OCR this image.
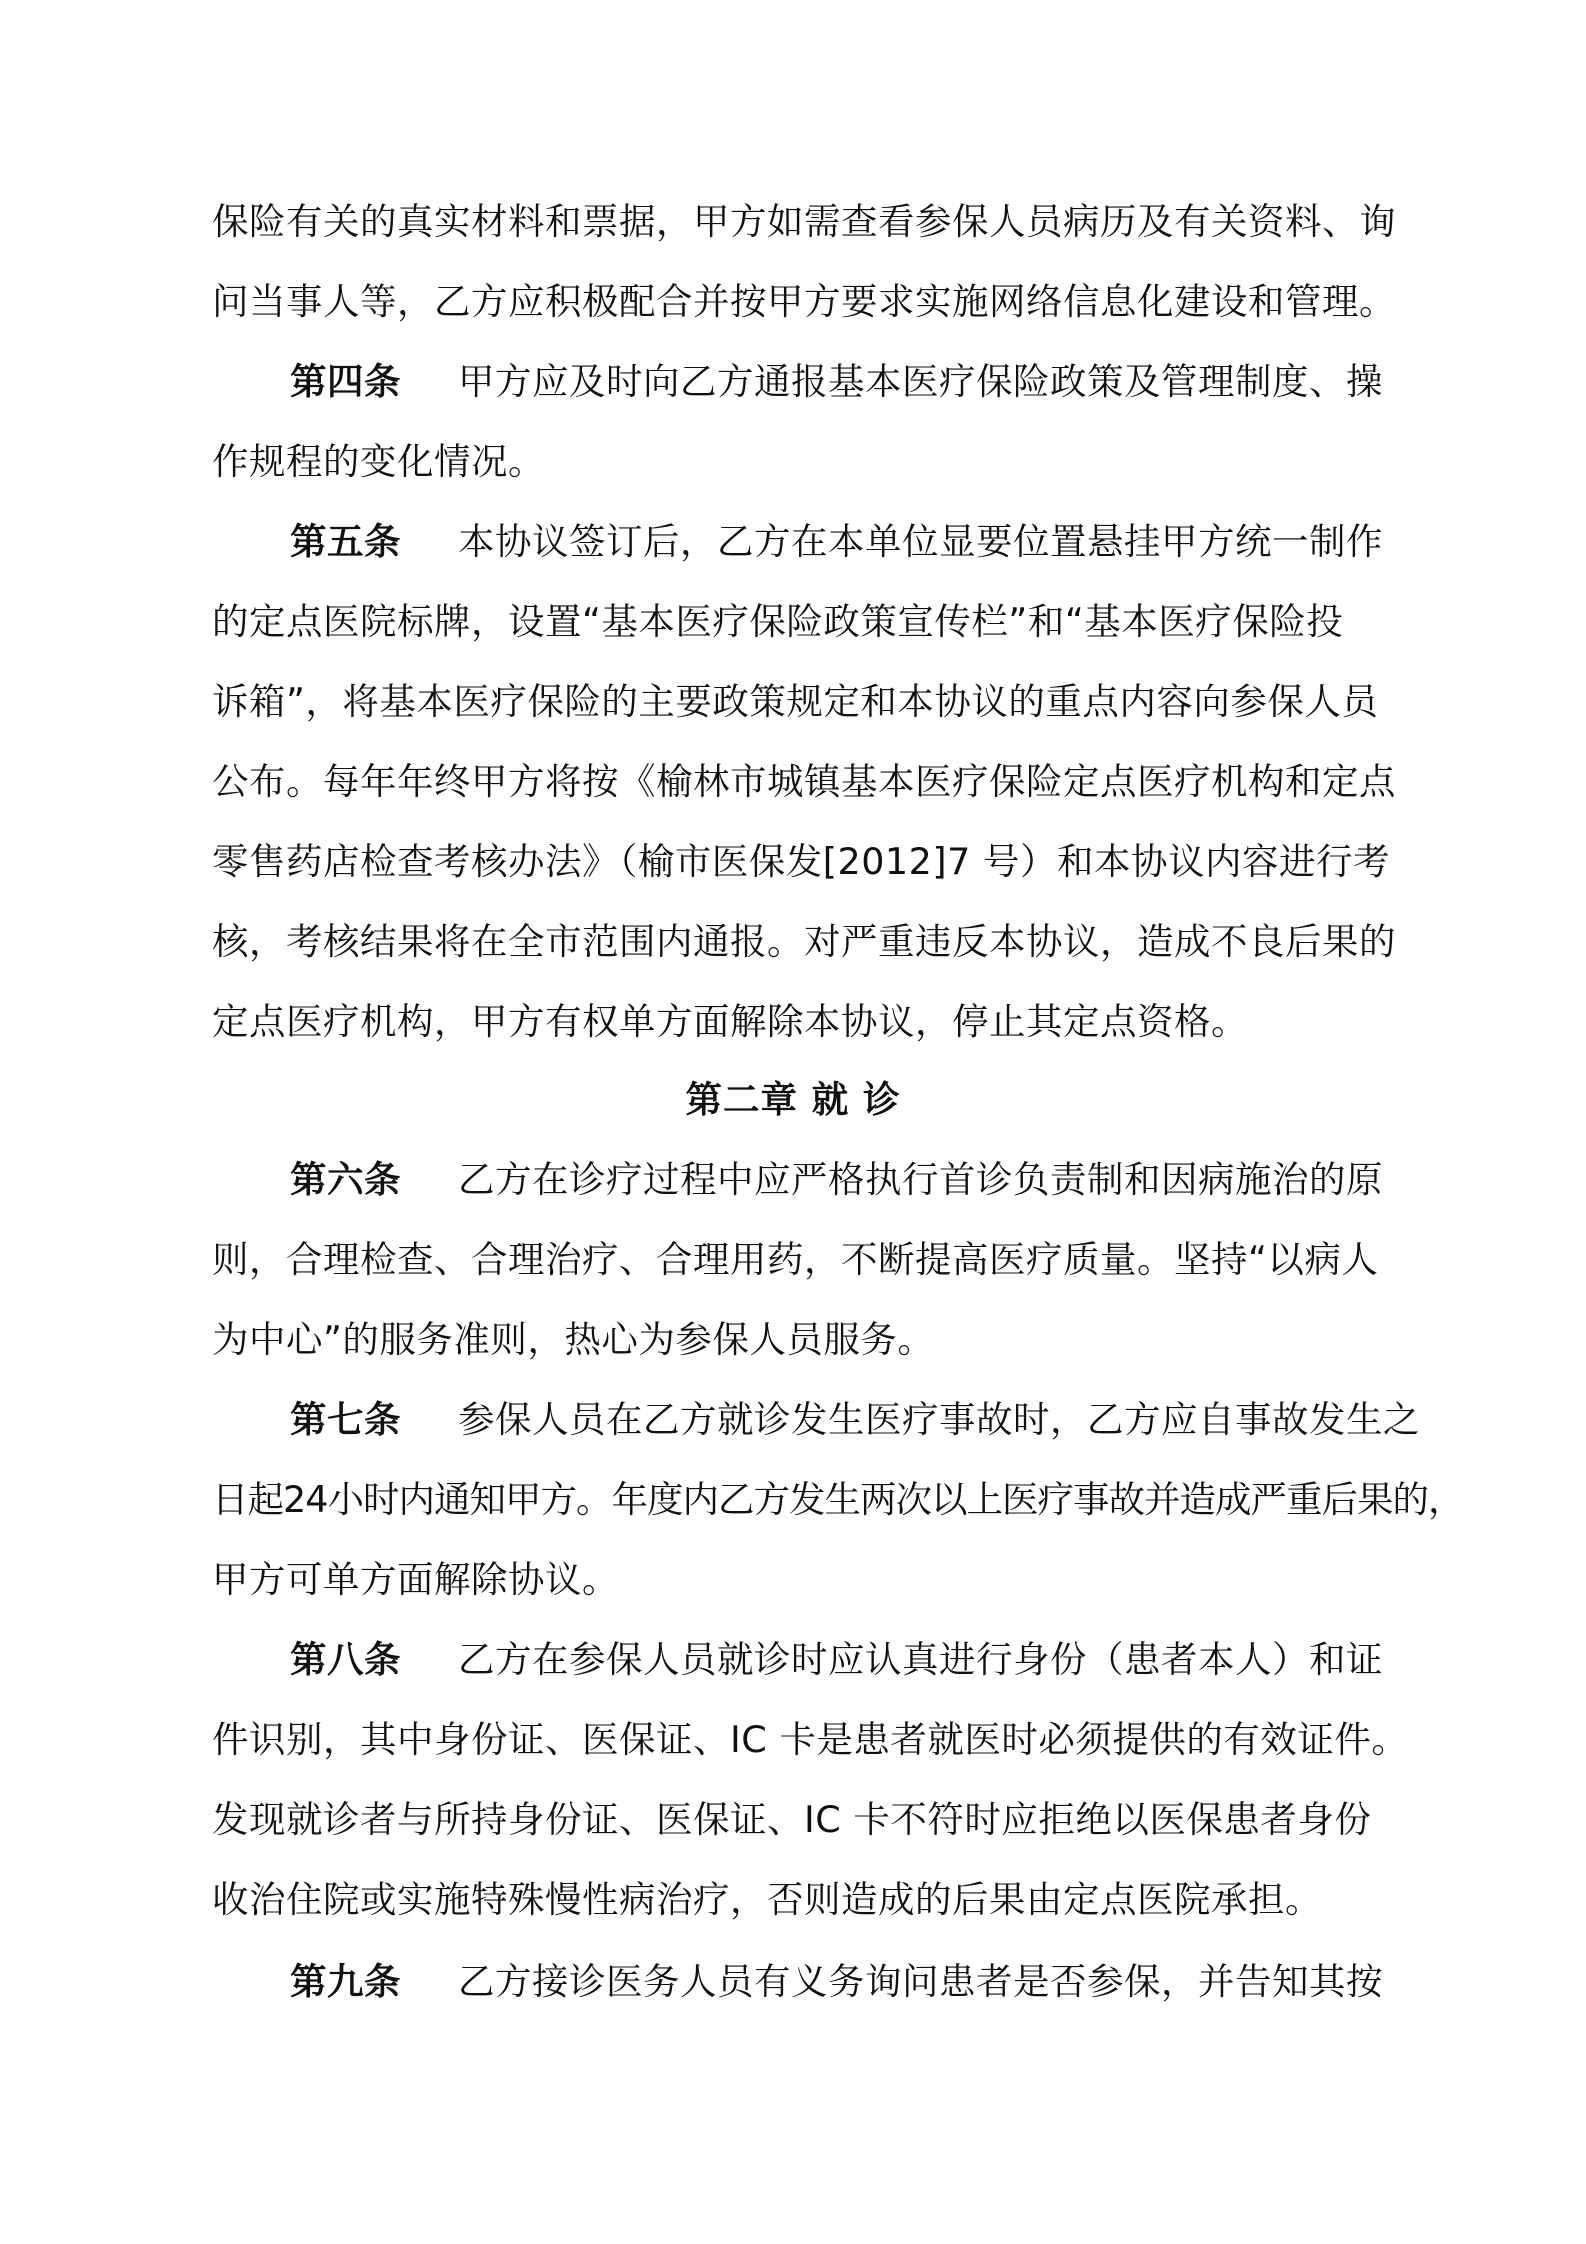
保险有关的真实材料和票据，甲方如需查看参保人员病历及有关资料、询
问当事人等，乙方应积极配合并按甲方要求实施网络信息化建设和管理。
第四条 甲方应及时向乙方通报基本医疗保险政策及管理制度、操
作规程的变化情况。
第五条 本协议签订后，乙方在本单位显要位置悬挂甲方统一制作
的定点医院标牌，设置“基本医疗保险政策宣传栏”和“基本医疗保险投
诉箱”，将基本医疗保险的主要政策规定和本协议的重点内容向参保人员
公布。每年年终甲方将按《榆林市城镇基本医疗保险定点医疗机构和定点
零售药店检查考核办法》（榆市医保发[2012]7 号）和本协议内容进行考
核，考核结果将在全市范围内通报。对严重违反本协议，造成不良后果的
定点医疗机构，甲方有权单方面解除本协议，停止其定点资格。
第二章 就 诊
第六条 乙方在诊疗过程中应严格执行首诊负责制和因病施治的原
则，合理检查、合理治疗、合理用药，不断提高医疗质量。坚持“以病人
为中心”的服务准则，热心为参保人员服务。
第七条 参保人员在乙方就诊发生医疗事故时，乙方应自事故发生之
日起24小时内通知甲方。年度内乙方发生两次以上医疗事故并造成严重后果的，
甲方可单方面解除协议。
第八条 乙方在参保人员就诊时应认真进行身份（患者本人）和证
件识别，其中身份证、医保证、IC 卡是患者就医时必须提供的有效证件。
发现就诊者与所持身份证、医保证、IC 卡不符时应拒绝以医保患者身份
收治住院或实施特殊慢性病治疗，否则造成的后果由定点医院承担。
第九条 乙方接诊医务人员有义务询问患者是否参保，并告知其按
